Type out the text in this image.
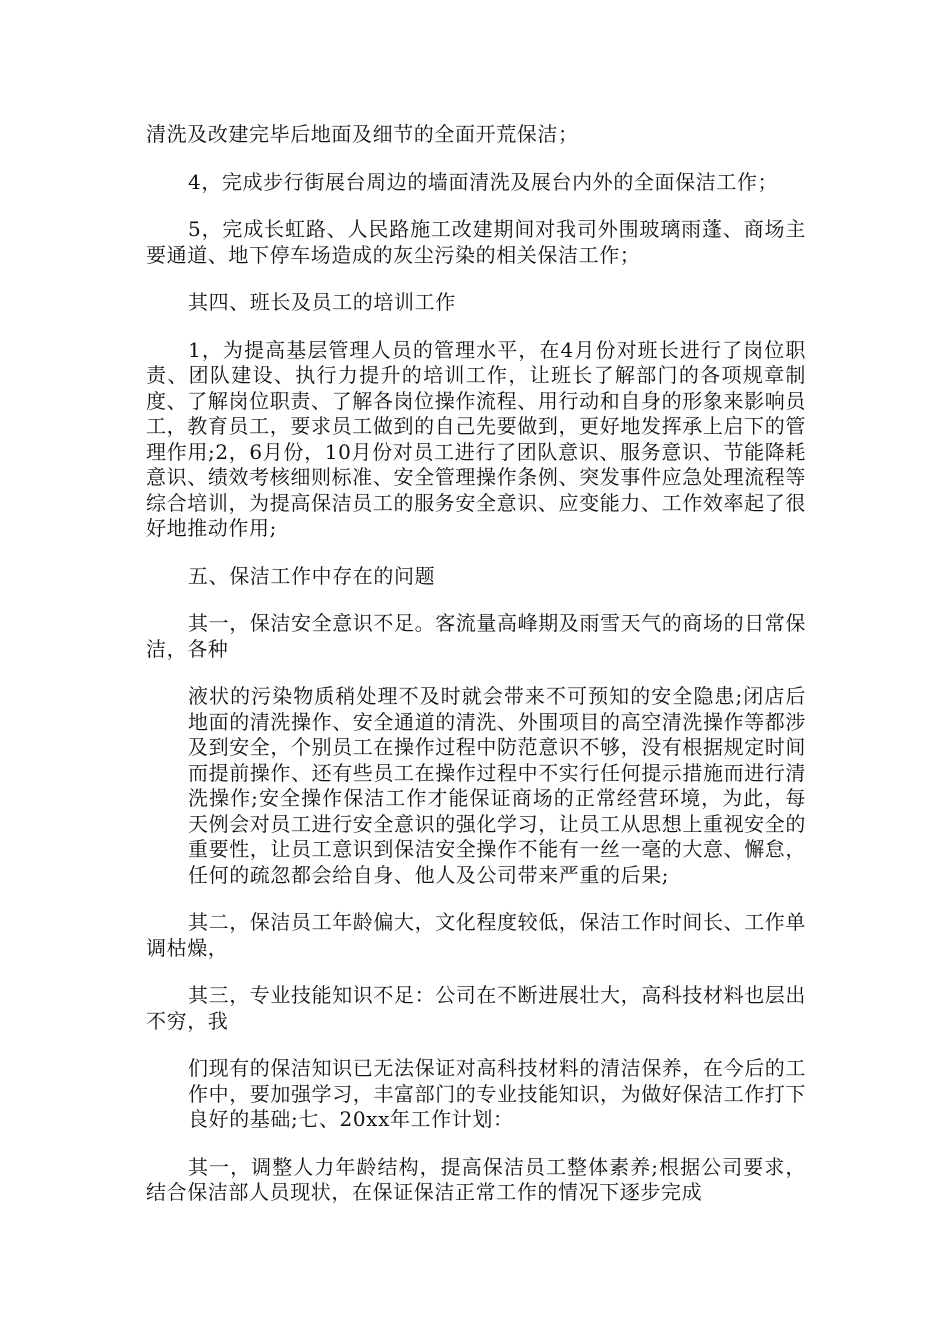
清洗及改建完毕后地面及细节的全面开荒保洁；

4，完成步行街展台周边的墙面清洗及展台内外的全面保洁工作；

5，完成长虹路、人民路施工改建期间对我司外围玻璃雨蓬、商场主要通道、地下停车场造成的灰尘污染的相关保洁工作；

其四、班长及员工的培训工作

1，为提高基层管理人员的管理水平，在4月份对班长进行了岗位职责、团队建设、执行力提升的培训工作，让班长了解部门的各项规章制度、了解岗位职责、了解各岗位操作流程、用行动和自身的形象来影响员工，教育员工，要求员工做到的自己先要做到，更好地发挥承上启下的管理作用;2，6月份，10月份对员工进行了团队意识、服务意识、节能降耗意识、绩效考核细则标准、安全管理操作条例、突发事件应急处理流程等综合培训，为提高保洁员工的服务安全意识、应变能力、工作效率起了很好地推动作用;

五、保洁工作中存在的问题

其一，保洁安全意识不足。客流量高峰期及雨雪天气的商场的日常保洁，各种

液状的污染物质稍处理不及时就会带来不可预知的安全隐患;闭店后地面的清洗操作、安全通道的清洗、外围项目的高空清洗操作等都涉及到安全，个别员工在操作过程中防范意识不够，没有根据规定时间而提前操作、还有些员工在操作过程中不实行任何提示措施而进行清洗操作;安全操作保洁工作才能保证商场的正常经营环境，为此，每天例会对员工进行安全意识的强化学习，让员工从思想上重视安全的重要性，让员工意识到保洁安全操作不能有一丝一毫的大意、懈怠，任何的疏忽都会给自身、他人及公司带来严重的后果;

其二，保洁员工年龄偏大，文化程度较低，保洁工作时间长、工作单调枯燥，

其三，专业技能知识不足：公司在不断进展壮大，高科技材料也层出不穷，我

们现有的保洁知识已无法保证对高科技材料的清洁保养，在今后的工作中，要加强学习，丰富部门的专业技能知识，为做好保洁工作打下良好的基础;七、20xx年工作计划：

其一，调整人力年龄结构，提高保洁员工整体素养;根据公司要求，结合保洁部人员现状，在保证保洁正常工作的情况下逐步完成
